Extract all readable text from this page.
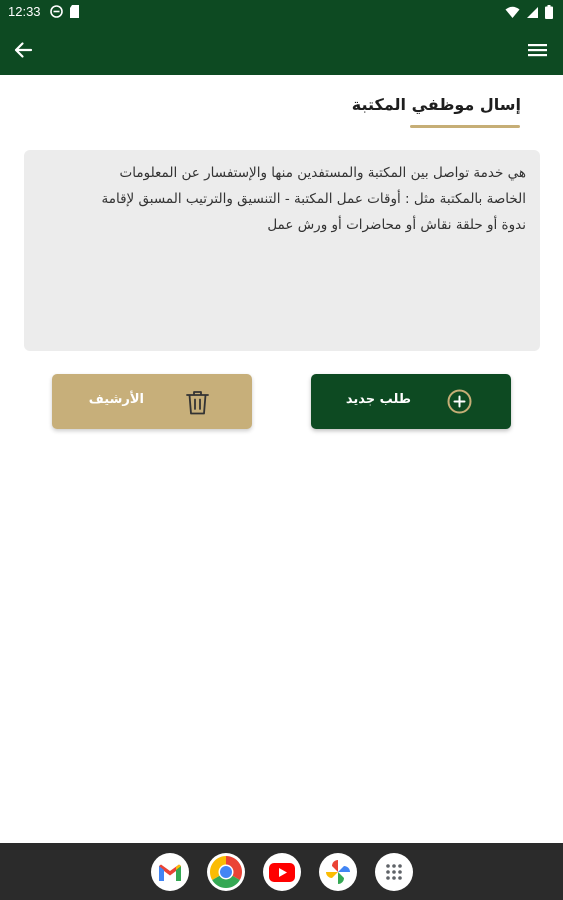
12:33
إسال موظفي المكتبة
هي خدمة تواصل بين المكتبة والمستفدين منها والإستفسار عن المعلومات
الخاصة بالمكتبة مثل : أوقات عمل المكتبة - التنسيق والترتيب المسبق لإقامة
ندوة أو حلقة نقاش أو محاضرات أو ورش عمل
طلب جديد
الأرشيف
